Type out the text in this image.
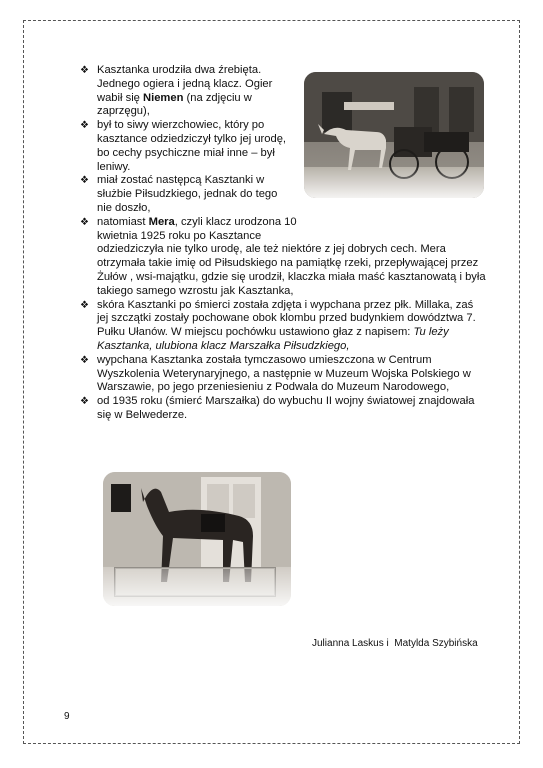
❖ Kasztanka urodziła dwa źrebięta.
Jednego ogiera i jedną klacz. Ogier
wabił się Niemen (na zdjęciu w
zaprzęgu),
❖ był to siwy wierzchowiec, który po
kasztance odziedziczył tylko jej urodę,
bo cechy psychiczne miał inne – był
leniwy.
❖ miał zostać następcą Kasztanki w
służbie Piłsudzkiego, jednak do tego
nie doszło,
❖ natomiast Mera, czyli klacz urodzona 10
kwietnia 1925 roku po Kasztance
odziedziczyła nie tylko urodę, ale też niektóre z jej dobrych cech. Mera
otrzymała takie imię od Piłsudskiego na pamiątkę rzeki, przepływającej przez
Żułów , wsi-majątku, gdzie się urodził, klaczka miała maść kasztanowatą i była
takiego samego wzrostu jak Kasztanka,
❖ skóra Kasztanki po śmierci została zdjęta i wypchana przez płk. Millaka, zaś
jej szczątki zostały pochowane obok klombu przed budynkiem dowództwa 7.
Pułku Ułanów. W miejscu pochówku ustawiono głaz z napisem: Tu leży
Kasztanka, ulubiona klacz Marszałka Piłsudzkiego,
❖ wypchana Kasztanka została tymczasowo umieszczona w Centrum
Wyszkolenia Weterynaryjnego, a następnie w Muzeum Wojska Polskiego w
Warszawie, po jego przeniesieniu z Podwala do Muzeum Narodowego,
❖ od 1935 roku (śmierć Marszałka) do wybuchu II wojny światowej znajdowała
się w Belwederze.
Julianna Laskus i  Matylda Szybińska
9
